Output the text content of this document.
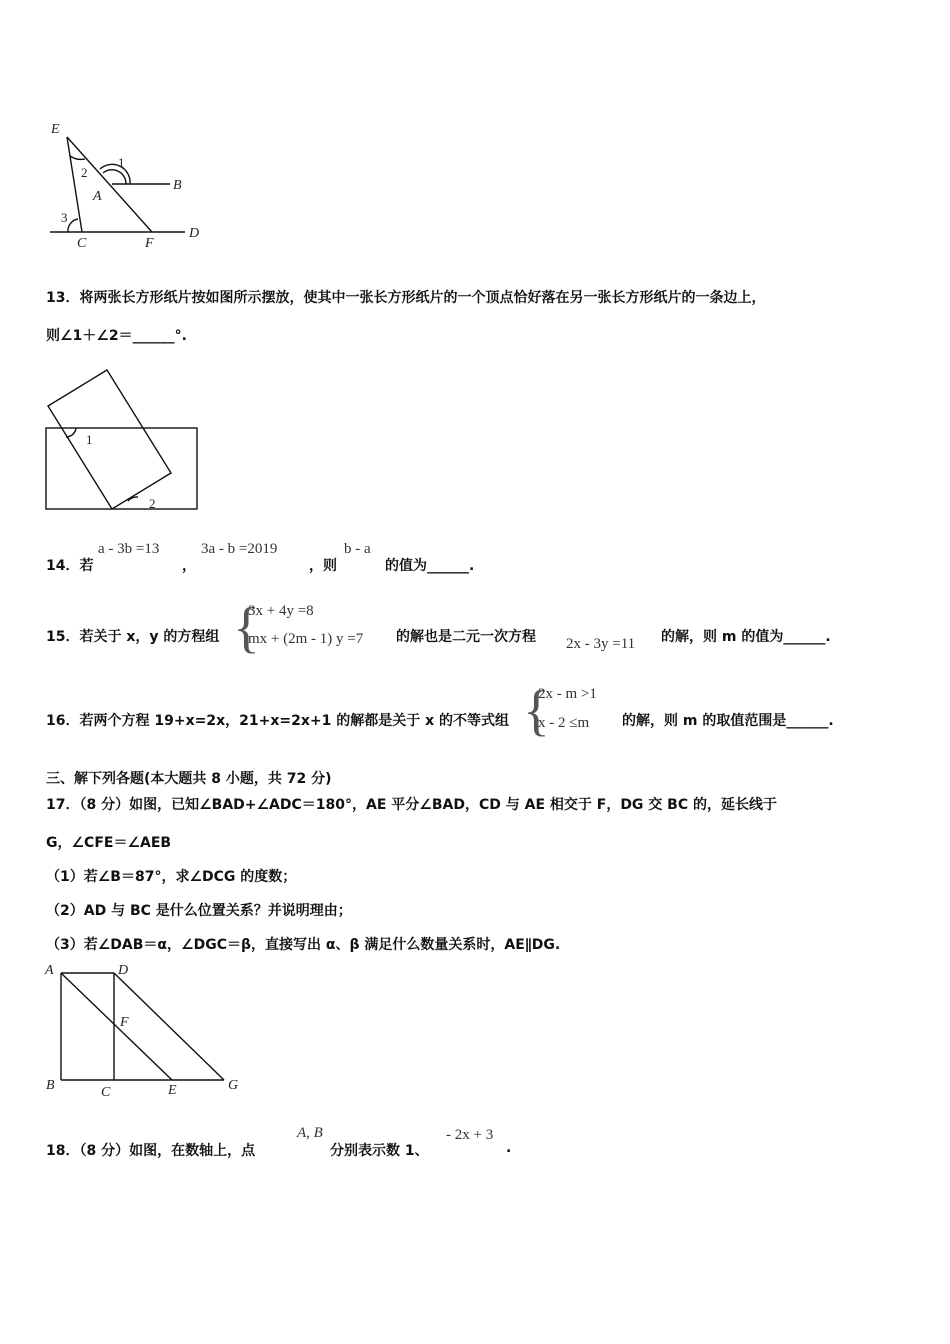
E
1
2
A
B
3
C	F
D
13．将两张长方形纸片按如图所示摆放，使其中一张长方形纸片的一个顶点恰好落在另一张长方形纸片的一条边上，
则∠1＋∠2＝______°.
1
2
14．若
a - 3b =13
，
3a - b =2019
，则
b - a
的值为______.
15．若关于 x，y 的方程组 {
3x + 4y =8
mx + (2m - 1) y =7 的解也是二元一次方程 2x - 3y =11 的解，则 m 的值为______.
16．若两个方程 19+x=2x，21+x=2x+1 的解都是关于 x 的不等式组 {
2x - m >1
x - 2 ≤m 的解，则 m 的取值范围是______.
三、解下列各题(本大题共 8 小题，共 72 分)
17．（8 分）如图，已知∠BAD+∠ADC＝180°，AE 平分∠BAD，CD 与 AE 相交于 F，DG 交 BC 的，延长线于
G，∠CFE＝∠AEB
（1）若∠B＝87°，求∠DCG 的度数；
（2）AD 与 BC 是什么位置关系？并说明理由；
（3）若∠DAB＝α，∠DGC＝β，直接写出 α、β 满足什么数量关系时，AE∥DG.
A	D
F
B	C	E	G
18．（8 分）如图，在数轴上，点
A, B
分别表示数 1、
- 2x + 3
.
